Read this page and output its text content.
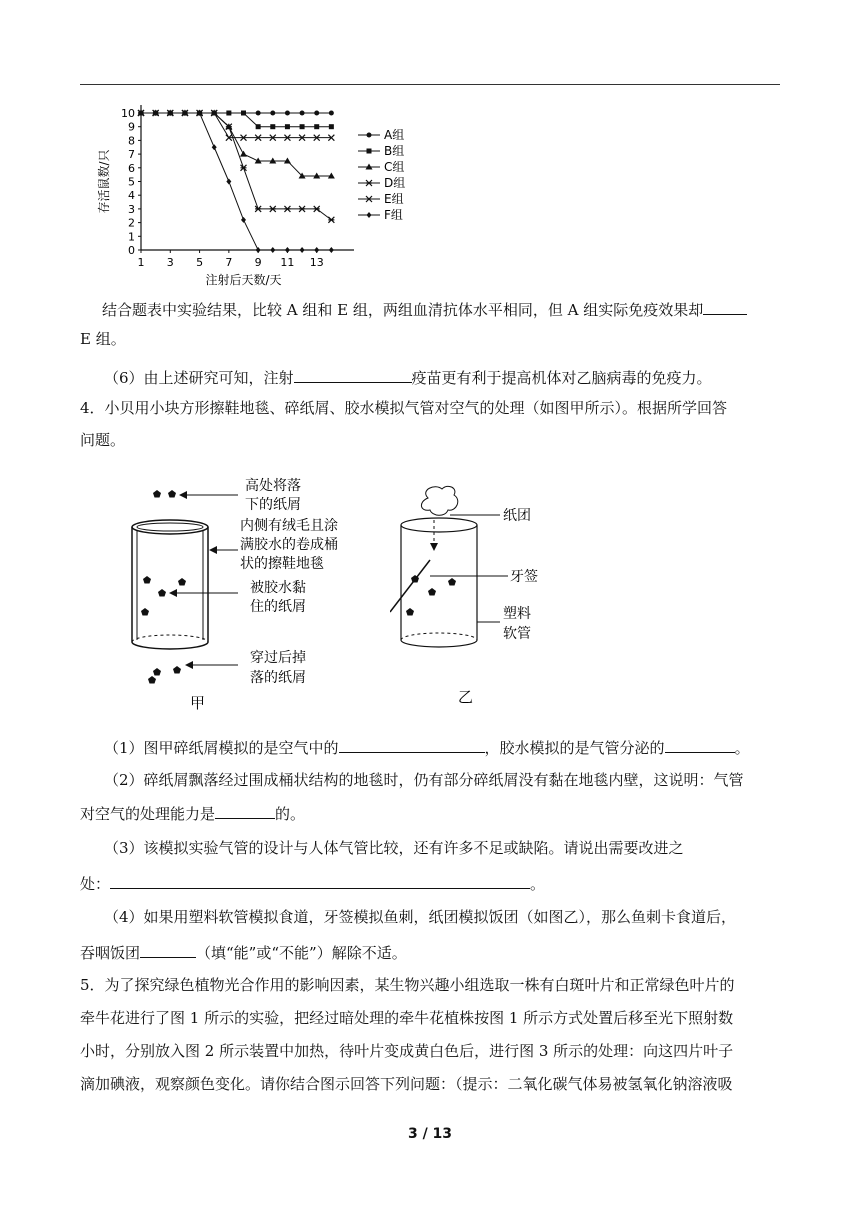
1 3 5 7 9 11 13
0
1
2
3
4
5
6
7
8
9
10
注射后天数/天
存活鼠数/只
A组
B组
C组
D组
E组
F组
结合题表中实验结果，比较 A 组和 E 组，两组血清抗体水平相同，但 A 组实际免疫效果却
E 组。
（6）由上述研究可知，注射	疫苗更有利于提高机体对乙脑病毒的免疫力。
4．小贝用小块方形擦鞋地毯、碎纸屑、胶水模拟气管对空气的处理（如图甲所示）。根据所学回答
问题。
高处将落
下的纸屑
内侧有绒毛且涂
满胶水的卷成桶
状的擦鞋地毯
被胶水黏
住的纸屑
穿过后掉
落的纸屑
甲
纸团
牙签
塑料
软管
乙
（1）图甲碎纸屑模拟的是空气中的	，胶水模拟的是气管分泌的	。
（2）碎纸屑飘落经过围成桶状结构的地毯时，仍有部分碎纸屑没有黏在地毯内壁，这说明：气管
对空气的处理能力是	的。
（3）该模拟实验气管的设计与人体气管比较，还有许多不足或缺陷。请说出需要改进之
处：	。
（4）如果用塑料软管模拟食道，牙签模拟鱼刺，纸团模拟饭团（如图乙），那么鱼刺卡食道后，
吞咽饭团	（填“能”或“不能”）解除不适。
5．为了探究绿色植物光合作用的影响因素，某生物兴趣小组选取一株有白斑叶片和正常绿色叶片的
牵牛花进行了图 1 所示的实验，把经过暗处理的牵牛花植株按图 1 所示方式处置后移至光下照射数
小时，分别放入图 2 所示装置中加热，待叶片变成黄白色后，进行图 3 所示的处理：向这四片叶子
滴加碘液，观察颜色变化。请你结合图示回答下列问题：（提示：二氧化碳气体易被氢氧化钠溶液吸
3 / 13
